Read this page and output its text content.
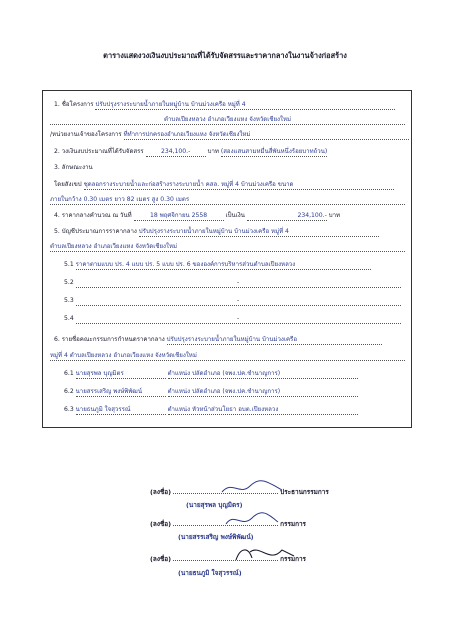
ตารางแสดงวงเงินงบประมาณที่ได้รับจัดสรรและราคากลางในงานจ้างก่อสร้าง
1. ชื่อโครงการ ปรับปรุงรางระบายน้ำภายในหมู่บ้าน บ้านม่วงเครือ หมู่ที่ 4
ตำบลเปียงหลวง อำเภอเวียงแหง จังหวัดเชียงใหม่
/หน่วยงานเจ้าของโครงการ ที่ทำการปกครองอำเภอเวียงแหง จังหวัดเชียงใหม่
2. วงเงินงบประมาณที่ได้รับจัดสรร	234,100.-	บาท (สองแสนสามหมื่นสี่พันหนึ่งร้อยบาทถ้วน)
3. ลักษณะงาน
โดยสังเขป ชุดลอกรางระบายน้ำและก่อสร้างรางระบายน้ำ คสล. หมู่ที่ 4 บ้านม่วงเครือ ขนาด
ภายในกว้าง 0.30 เมตร ยาว 82 เมตร สูง 0.30 เมตร
4. ราคากลางคำนวณ ณ วันที่	18 พฤศจิกายน 2558	เป็นเงิน	234,100.- บาท
5. บัญชีประมาณการราคากลาง ปรับปรุงรางระบายน้ำภายในหมู่บ้าน บ้านม่วงเครือ หมู่ที่ 4
ตำบลเปียงหลวง อำเภอเวียงแหง จังหวัดเชียงใหม่
5.1 ราคาตามแบบ ปร. 4 แบบ ปร. 5 แบบ ปร. 6 ขององค์การบริหารส่วนตำบลเปียงหลวง
5.2	-
5.3	-
5.4	-
6. รายชื่อคณะกรรมการกำหนดราคากลาง ปรับปรุงรางระบายน้ำภายในหมู่บ้าน บ้านม่วงเครือ
หมู่ที่ 4 ตำบลเปียงหลวง อำเภอเวียงแหง จังหวัดเชียงใหม่
6.1 นายสุรพล บุญมิตร	ตำแหน่ง ปลัดอำเภอ (จพง.ปค.ชำนาญการ)
6.2 นายสรรเสริญ พงษ์พิพัฒน์	ตำแหน่ง ปลัดอำเภอ (จพง.ปค.ชำนาญการ)
6.3 นายธนภูมิ ใจสุวรรณ์	ตำแหน่ง หัวหน้าส่วนโยธา อบต.เปียงหลวง
(ลงชื่อ)	ประธานกรรมการ
(นายสุรพล บุญมิตร)
(ลงชื่อ)	กรรมการ
(นายสรรเสริญ พงษ์พิพัฒน์)
(ลงชื่อ)	กรรมการ
(นายธนภูมิ ใจสุวรรณ์)
